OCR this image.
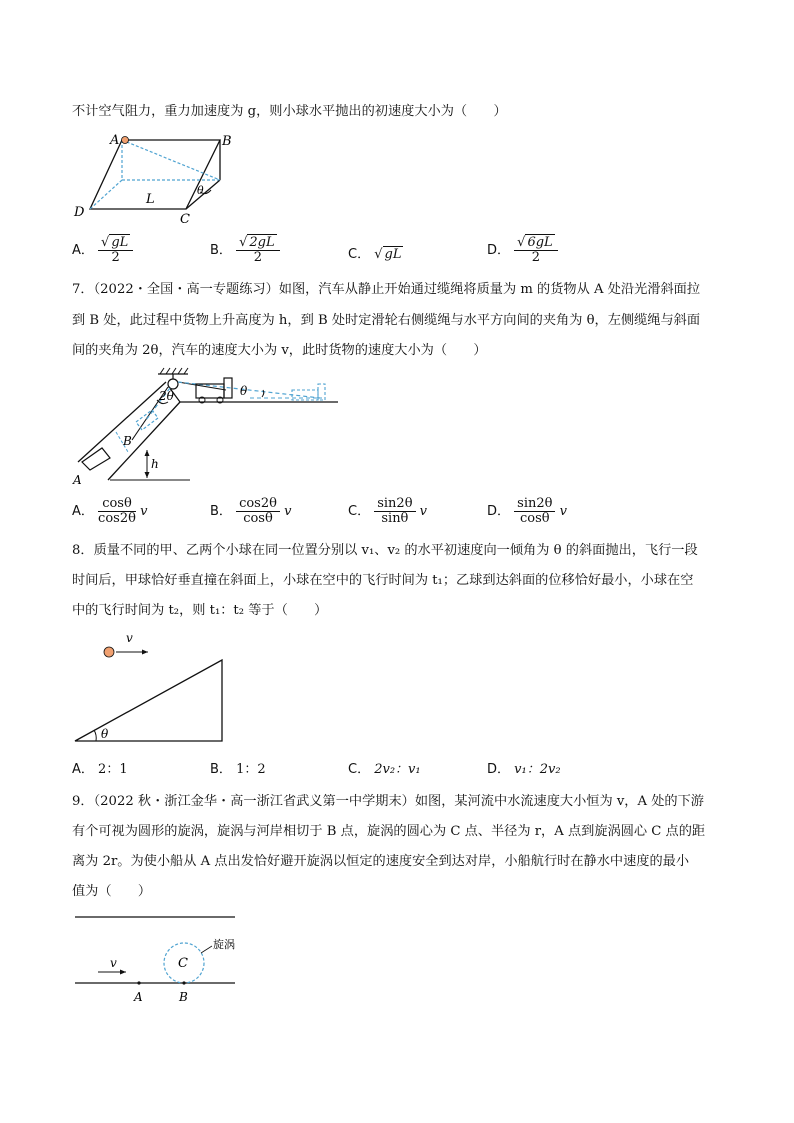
不计空气阻力，重力加速度为 g，则小球水平抛出的初速度大小为（　　）
A	B
C
D
L
θ
A． $\frac{√ gL}{2}$	B． $\frac{√ 2gL}{2}$	C． √ gL	D． $\frac{√ 6gL}{2}$
7．（2022・全国・高一专题练习）如图，汽车从静止开始通过缆绳将质量为 m 的货物从 A 处沿光滑斜面拉
到 B 处，此过程中货物上升高度为 h，到 B 处时定滑轮右侧缆绳与水平方向间的夹角为 θ，左侧缆绳与斜面
间的夹角为 2θ，汽车的速度大小为 v，此时货物的速度大小为（　　）
2θ	θ
B
h
A
A． $\frac{\cos\theta}{\cos 2\theta}$ v	B． $\frac{\cos 2\theta}{\cos\theta}$ v	C． $\frac{\sin 2\theta}{\sin\theta}$ v	D． $\frac{\sin 2\theta}{\cos\theta}$ v
8．质量不同的甲、乙两个小球在同一位置分别以 v₁、v₂ 的水平初速度向一倾角为 θ 的斜面抛出，飞行一段
时间后，甲球恰好垂直撞在斜面上，小球在空中的飞行时间为 t₁；乙球到达斜面的位移恰好最小，小球在空
中的飞行时间为 t₂，则 t₁：t₂ 等于（　　）
v
θ
A． 2：1	B． 1：2	C． 2v₂：v₁	D． v₁：2v₂
9．（2022 秋・浙江金华・高一浙江省武义第一中学期末）如图，某河流中水流速度大小恒为 v，A 处的下游
有个可视为圆形的旋涡，旋涡与河岸相切于 B 点，旋涡的圆心为 C 点、半径为 r，A 点到旋涡圆心 C 点的距
离为 2r。为使小船从 A 点出发恰好避开旋涡以恒定的速度安全到达对岸，小船航行时在静水中速度的最小
值为（　　）
v	C
A	B
旋涡
